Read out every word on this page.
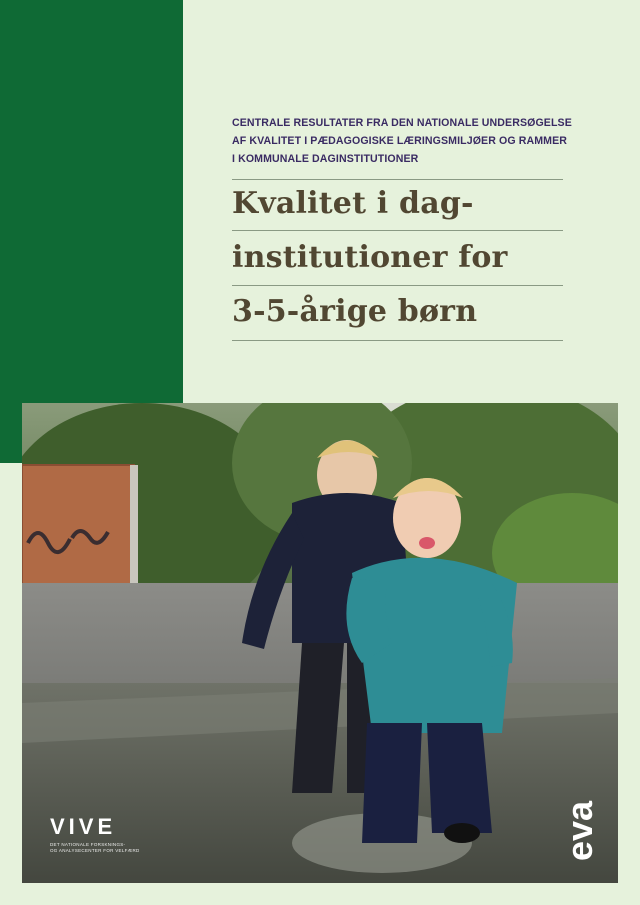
CENTRALE RESULTATER FRA DEN NATIONALE UNDERSØGELSE
AF KVALITET I PÆDAGOGISKE LÆRINGSMILJØER OG RAMMER
I KOMMUNALE DAGINSTITUTIONER
Kvalitet i dag-
institutioner for
3-5-årige børn
VIVE
DET NATIONALE FORSKNINGS-
OG ANALYSECENTER FOR VELFÆRD	eva
